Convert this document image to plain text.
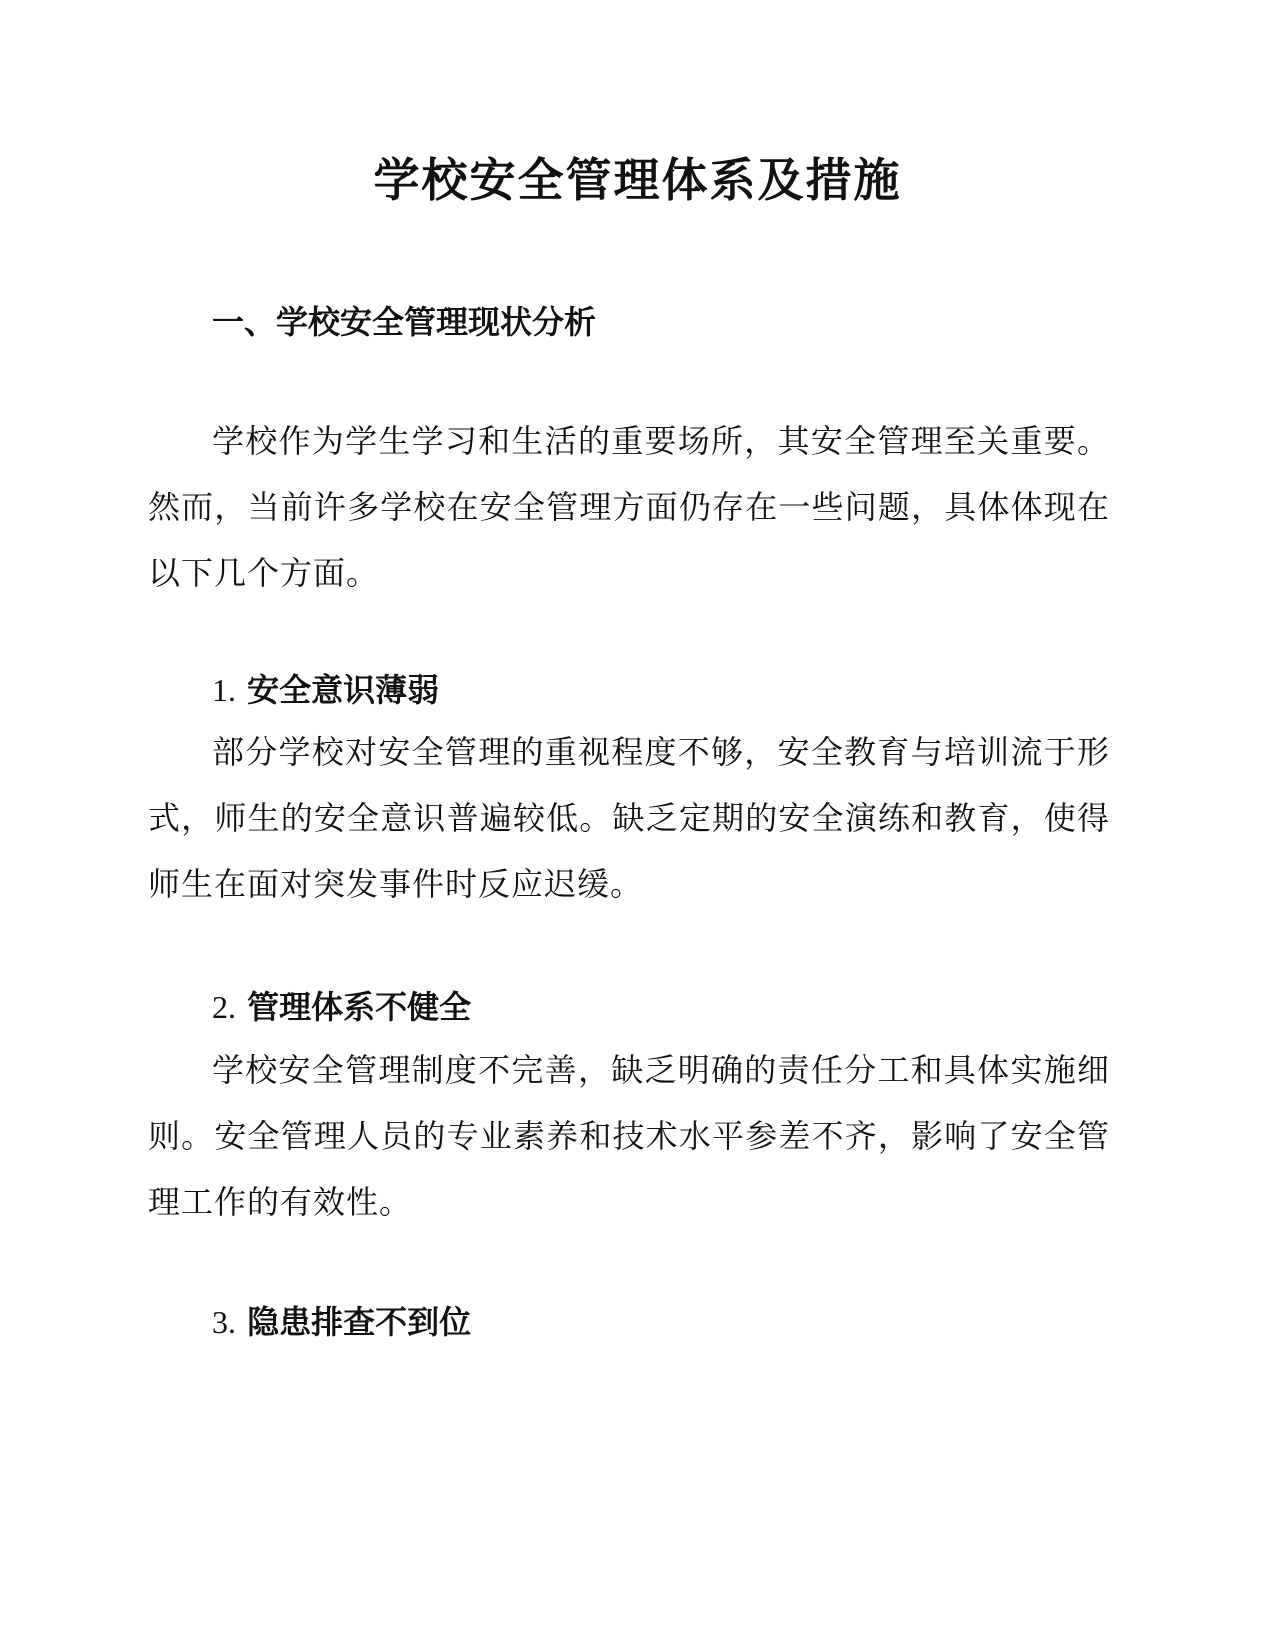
学校安全管理体系及措施
一、学校安全管理现状分析

学校作为学生学习和生活的重要场所，其安全管理至关重要。然而，当前许多学校在安全管理方面仍存在一些问题，具体体现在以下几个方面。

1. 安全意识薄弱

部分学校对安全管理的重视程度不够，安全教育与培训流于形式，师生的安全意识普遍较低。缺乏定期的安全演练和教育，使得师生在面对突发事件时反应迟缓。

2. 管理体系不健全

学校安全管理制度不完善，缺乏明确的责任分工和具体实施细则。安全管理人员的专业素养和技术水平参差不齐，影响了安全管理工作的有效性。

3. 隐患排查不到位
